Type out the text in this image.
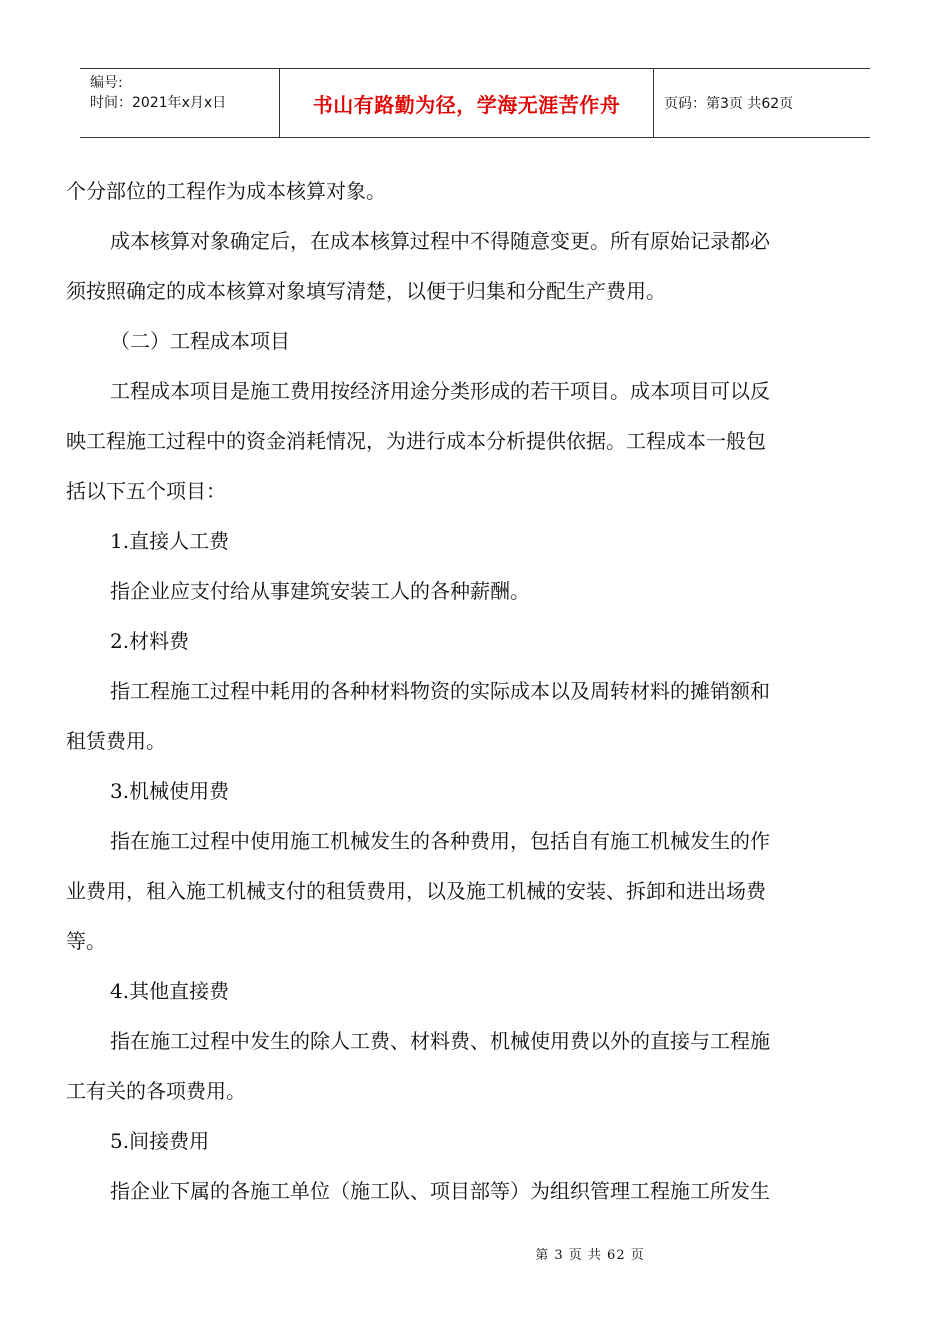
编号:
时间：2021年x月x日	书山有路勤为径，学海无涯苦作舟	页码：第3页 共62页
个分部位的工程作为成本核算对象。
成本核算对象确定后，在成本核算过程中不得随意变更。所有原始记录都必
须按照确定的成本核算对象填写清楚，以便于归集和分配生产费用。
（二）工程成本项目
工程成本项目是施工费用按经济用途分类形成的若干项目。成本项目可以反
映工程施工过程中的资金消耗情况，为进行成本分析提供依据。工程成本一般包
括以下五个项目：
1.直接人工费
指企业应支付给从事建筑安装工人的各种薪酬。
2.材料费
指工程施工过程中耗用的各种材料物资的实际成本以及周转材料的摊销额和
租赁费用。
3.机械使用费
指在施工过程中使用施工机械发生的各种费用，包括自有施工机械发生的作
业费用，租入施工机械支付的租赁费用，以及施工机械的安装、拆卸和进出场费
等。
4.其他直接费
指在施工过程中发生的除人工费、材料费、机械使用费以外的直接与工程施
工有关的各项费用。
5.间接费用
指企业下属的各施工单位（施工队、项目部等）为组织管理工程施工所发生
第 3 页 共 62 页
